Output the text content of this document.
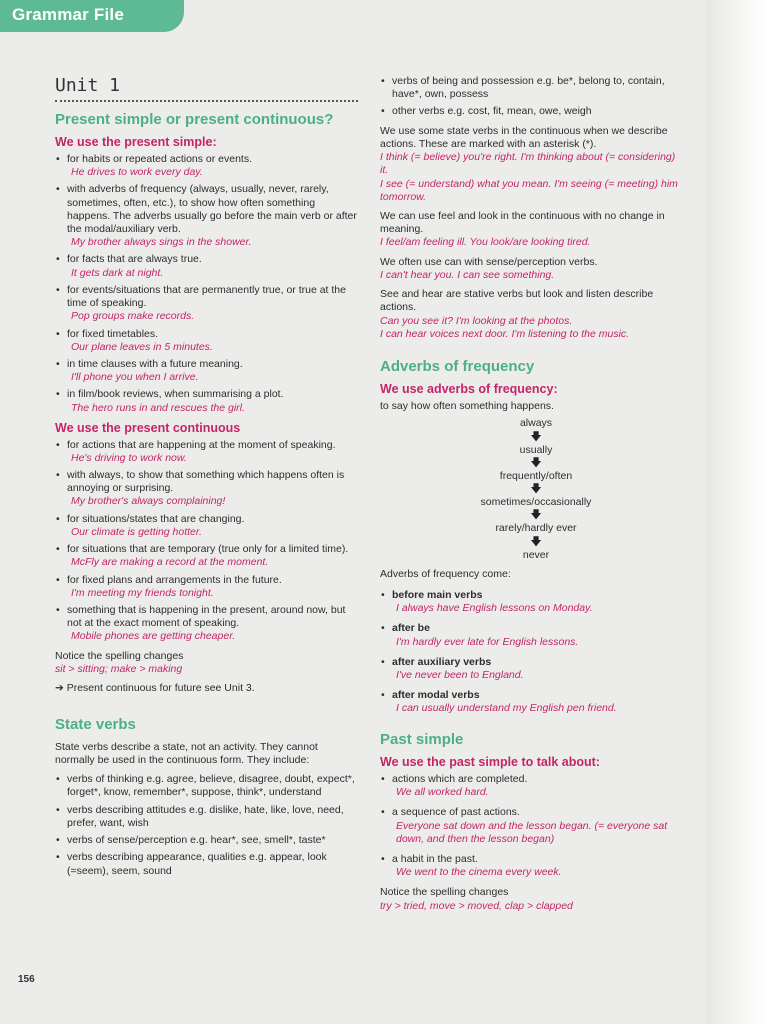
Grammar File
Unit 1
Present simple or present continuous?
We use the present simple:
• for habits or repeated actions or events.
He drives to work every day.
• with adverbs of frequency (always, usually, never, rarely, sometimes, often, etc.), to show how often something happens. The adverbs usually go before the main verb or after the modal/auxiliary verb.
My brother always sings in the shower.
• for facts that are always true.
It gets dark at night.
• for events/situations that are permanently true, or true at the time of speaking.
Pop groups make records.
• for fixed timetables.
Our plane leaves in 5 minutes.
• in time clauses with a future meaning.
I'll phone you when I arrive.
• in film/book reviews, when summarising a plot.
The hero runs in and rescues the girl.
We use the present continuous
• for actions that are happening at the moment of speaking.
He's driving to work now.
• with always, to show that something which happens often is annoying or surprising.
My brother's always complaining!
• for situations/states that are changing.
Our climate is getting hotter.
• for situations that are temporary (true only for a limited time).
McFly are making a record at the moment.
• for fixed plans and arrangements in the future.
I'm meeting my friends tonight.
• something that is happening in the present, around now, but not at the exact moment of speaking.
Mobile phones are getting cheaper.

Notice the spelling changes
sit > sitting; make > making

➔ Present continuous for future see Unit 3.

State verbs

State verbs describe a state, not an activity. They cannot normally be used in the continuous form. They include:

• verbs of thinking e.g. agree, believe, disagree, doubt, expect*, forget*, know, remember*, suppose, think*, understand
• verbs describing attitudes e.g. dislike, hate, like, love, need, prefer, want, wish
• verbs of sense/perception e.g. hear*, see, smell*, taste*
• verbs describing appearance, qualities e.g. appear, look (=seem), seem, sound
• verbs of being and possession e.g. be*, belong to, contain, have*, own, possess
• other verbs e.g. cost, fit, mean, owe, weigh

We use some state verbs in the continuous when we describe actions. These are marked with an asterisk (*).
I think (= believe) you're right. I'm thinking about (= considering) it.
I see (= understand) what you mean. I'm seeing (= meeting) him tomorrow.

We can use feel and look in the continuous with no change in meaning.
I feel/am feeling ill. You look/are looking tired.

We often use can with sense/perception verbs.
I can't hear you. I can see something.

See and hear are stative verbs but look and listen describe actions.
Can you see it? I'm looking at the photos.
I can hear voices next door. I'm listening to the music.

Adverbs of frequency
We use adverbs of frequency:

to say how often something happens.

always
🡇
usually
🡇
frequently/often
🡇
sometimes/occasionally
🡇
rarely/hardly ever
🡇
never

Adverbs of frequency come:

• before main verbs
I always have English lessons on Monday.
• after be
I'm hardly ever late for English lessons.
• after auxiliary verbs
I've never been to England.
• after modal verbs
I can usually understand my English pen friend.
Past simple
We use the past simple to talk about:
• actions which are completed.
We all worked hard.
• a sequence of past actions.
Everyone sat down and the lesson began. (= everyone sat down, and then the lesson began)
• a habit in the past.
We went to the cinema every week.

Notice the spelling changes
try > tried, move > moved, clap > clapped

156
